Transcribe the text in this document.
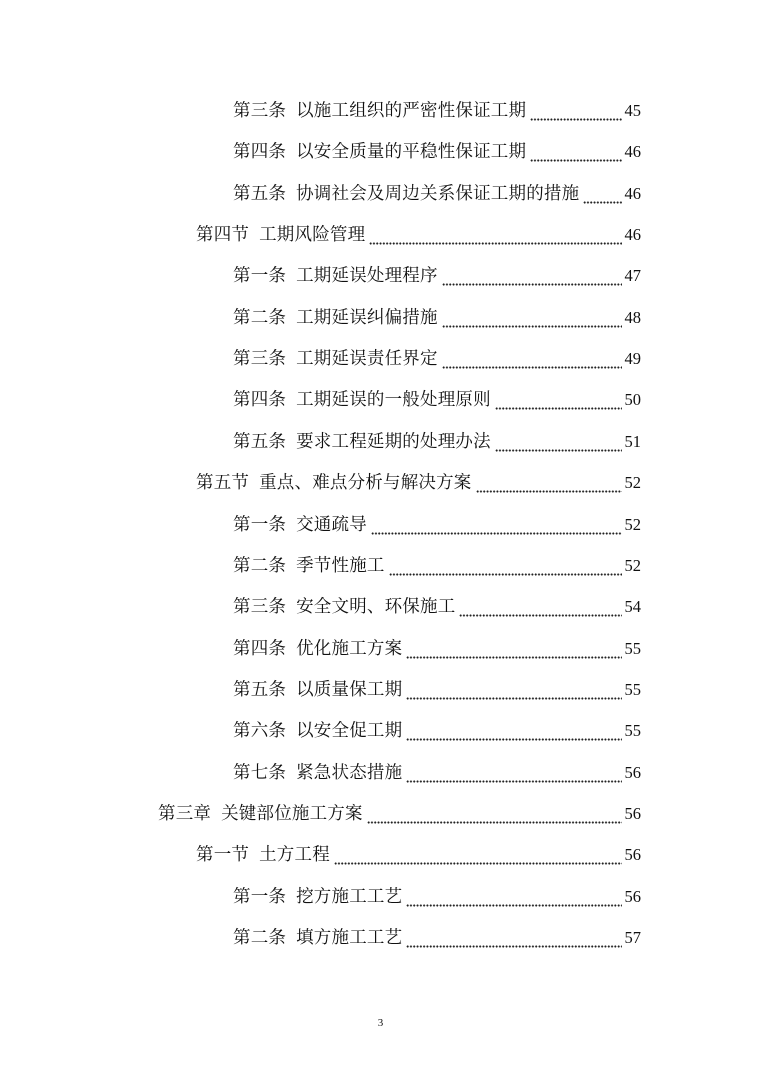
第三条 以施工组织的严密性保证工期	45
第四条 以安全质量的平稳性保证工期	46
第五条 协调社会及周边关系保证工期的措施	46
第四节 工期风险管理	46
第一条 工期延误处理程序	47
第二条 工期延误纠偏措施	48
第三条 工期延误责任界定	49
第四条 工期延误的一般处理原则	50
第五条 要求工程延期的处理办法	51
第五节 重点、难点分析与解决方案	52
第一条 交通疏导	52
第二条 季节性施工	52
第三条 安全文明、环保施工	54
第四条 优化施工方案	55
第五条 以质量保工期	55
第六条 以安全促工期	55
第七条 紧急状态措施	56
第三章 关键部位施工方案	56
第一节 土方工程	56
第一条 挖方施工工艺	56
第二条 填方施工工艺	57
3
